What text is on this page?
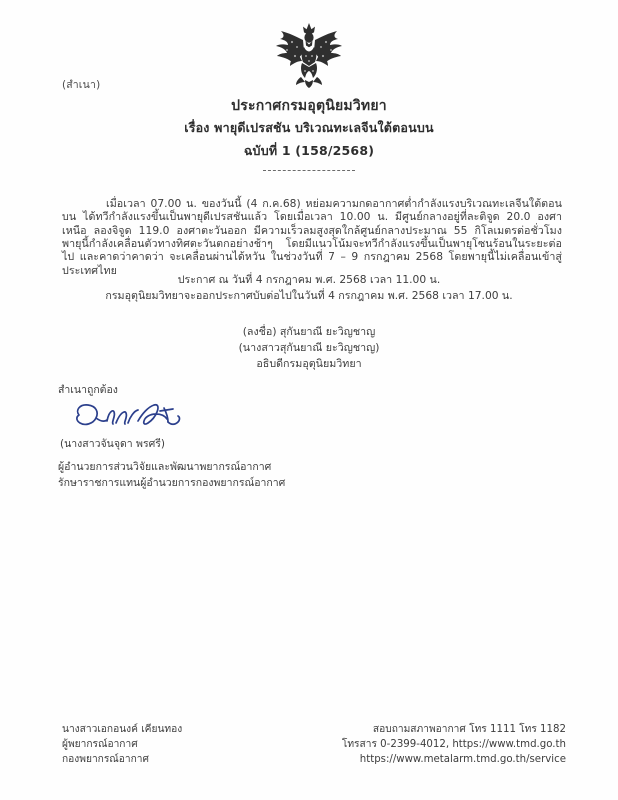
(สำเนา)
ประกาศกรมอุตุนิยมวิทยา
เรื่อง พายุดีเปรสชัน บริเวณทะเลจีนใต้ตอนบน
ฉบับที่ 1 (158/2568)

เมื่อเวลา 07.00 น. ของวันนี้ (4 ก.ค.68) หย่อมความกดอากาศต่ำกำลังแรงบริเวณทะเลจีนใต้ตอนบน ได้ทวีกำลังแรงขึ้นเป็นพายุดีเปรสชันแล้ว โดยเมื่อเวลา 10.00 น. มีศูนย์กลางอยู่ที่ละติจูด 20.0 องศาเหนือ ลองจิจูด 119.0 องศาตะวันออก มีความเร็วลมสูงสุดใกล้ศูนย์กลางประมาณ 55 กิโลเมตรต่อชั่วโมง พายุนี้กำลังเคลื่อนตัวทางทิศตะวันตกอย่างช้าๆ โดยมีแนวโน้มจะทวีกำลังแรงขึ้นเป็นพายุโซนร้อนในระยะต่อไป และคาดว่าคาดว่า จะเคลื่อนผ่านได้หวัน ในช่วงวันที่ 7 – 9 กรกฎาคม 2568 โดยพายุนี้ไม่เคลื่อนเข้าสู่ประเทศไทย

ประกาศ ณ วันที่ 4 กรกฎาคม พ.ศ. 2568 เวลา 11.00 น.
กรมอุตุนิยมวิทยาจะออกประกาศบับต่อไปในวันที่ 4 กรกฎาคม พ.ศ. 2568 เวลา 17.00 น.
(ลงชื่อ) สุกันยาณี ยะวิญชาญ
(นางสาวสุกันยาณี ยะวิญชาญ)
อธิบดีกรมอุตุนิยมวิทยา
สำเนาถูกต้อง
(นางสาวจันจุดา พรศรี)
ผู้อำนวยการส่วนวิจัยและพัฒนาพยากรณ์อากาศ
รักษาราชการแทนผู้อำนวยการกองพยากรณ์อากาศ
นางสาวเอกอนงค์ เคียนทอง
ผู้พยากรณ์อากาศ
กองพยากรณ์อากาศ
สอบถามสภาพอากาศ โทร 1111 โทร 1182
โทรสาร 0-2399-4012, https://www.tmd.go.th
https://www.metalarm.tmd.go.th/service
